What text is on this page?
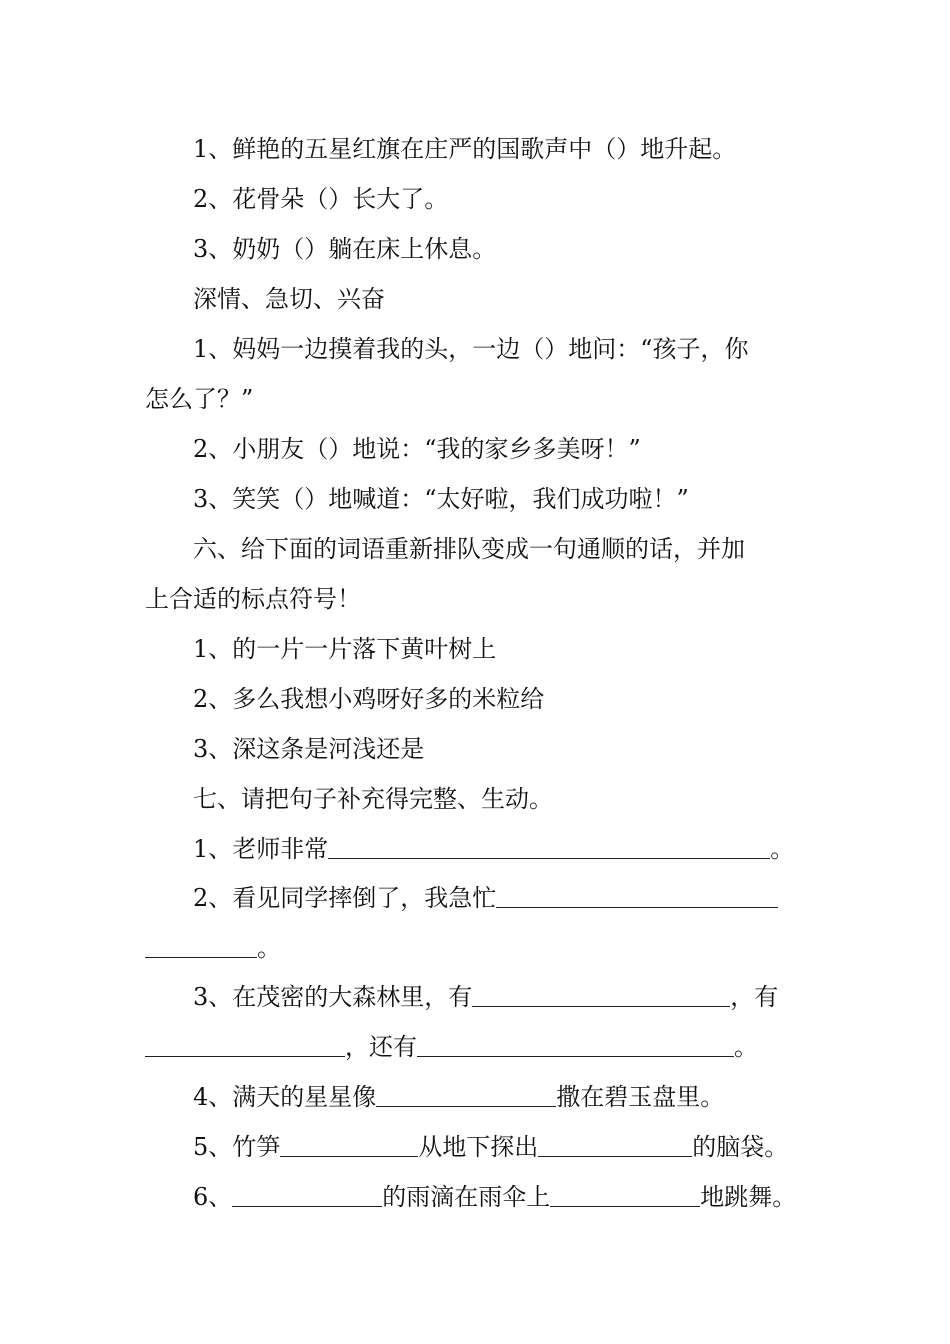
1、鲜艳的五星红旗在庄严的国歌声中（）地升起。
2、花骨朵（）长大了。
3、奶奶（）躺在床上休息。
深情、急切、兴奋
1、妈妈一边摸着我的头，一边（）地问：“孩子，你
怎么了？”
2、小朋友（）地说：“我的家乡多美呀！”
3、笑笑（）地喊道：“太好啦，我们成功啦！”
六、给下面的词语重新排队变成一句通顺的话，并加
上合适的标点符号！
1、的一片一片落下黄叶树上
2、多么我想小鸡呀好多的米粒给
3、深这条是河浅还是
七、请把句子补充得完整、生动。
1、老师非常	。
2、看见同学摔倒了，我急忙
。
3、在茂密的大森林里，有	，有
，还有	。
4、满天的星星像	撒在碧玉盘里。
5、竹笋	从地下探出	的脑袋。
6、	的雨滴在雨伞上	地跳舞。
